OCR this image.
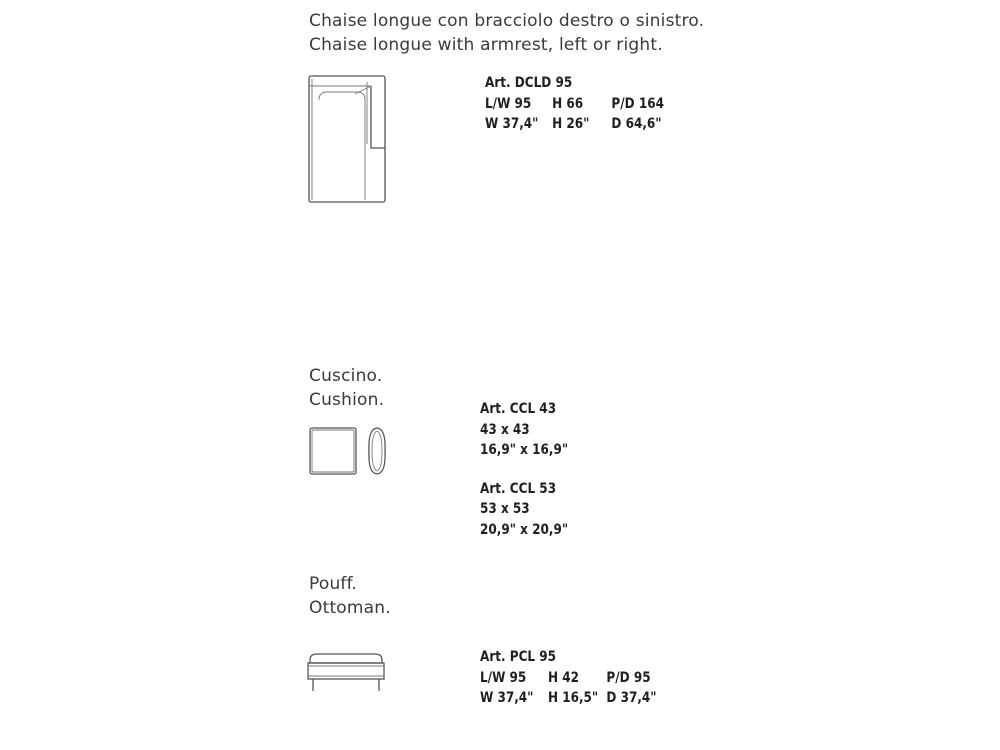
Chaise longue con bracciolo destro o sinistro.
Chaise longue with armrest, left or right.
Art. DCLD 95
L/W 95 H 66 P/D 164
W 37,4" H 26" D 64,6"
Cuscino.
Cushion.	Art. CCL 43
43 x 43
16,9" x 16,9"
Art. CCL 53
53 x 53
20,9" x 20,9"
Pouff.
Ottoman.
Art. PCL 95
L/W 95 H 42 P/D 95
W 37,4" H 16,5" D 37,4"
